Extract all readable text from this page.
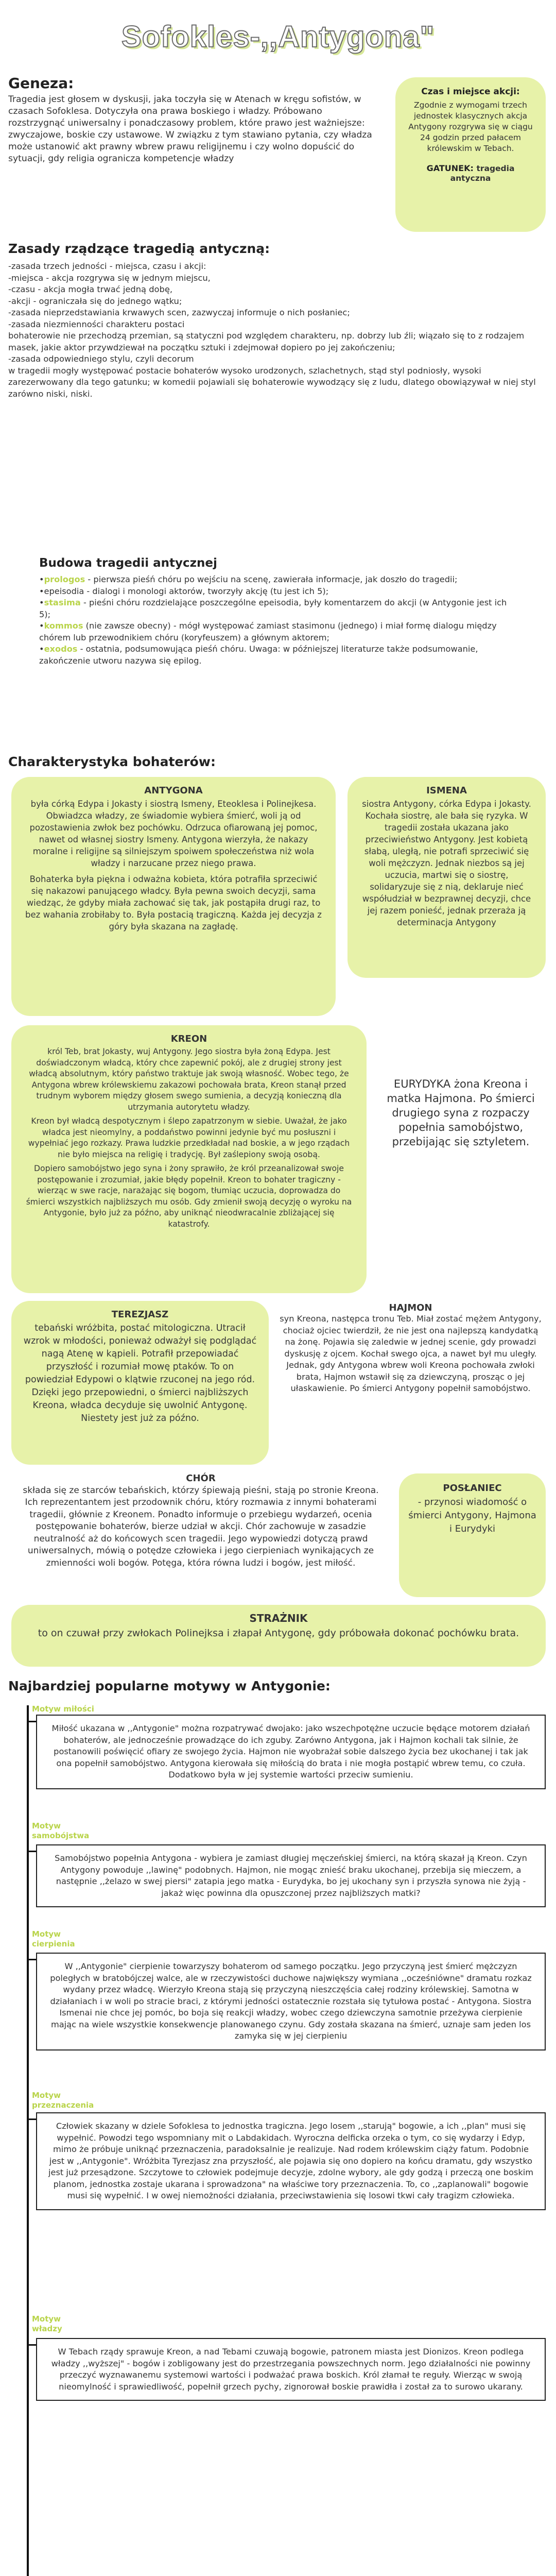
Sofokles-,,Antygona"
Geneza:
Tragedia jest głosem w dyskusji, jaka toczyła się w Atenach w kręgu sofistów, w czasach Sofoklesa. Dotyczyła ona prawa boskiego i władzy. Próbowano rozstrzygnąć uniwersalny i ponadczasowy problem, które prawo jest ważniejsze: zwyczajowe, boskie czy ustawowe. W związku z tym stawiano pytania, czy władza może ustanowić akt prawny wbrew prawu religijnemu i czy wolno dopuścić do sytuacji, gdy religia ogranicza kompetencje władzy
Czas i miejsce akcji:
Zgodnie z wymogami trzech jednostek klasycznych akcja Antygony rozgrywa się w ciągu 24 godzin przed pałacem królewskim w Tebach.
GATUNEK: tragedia antyczna
Zasady rządzące tragedią antyczną:
-zasada trzech jedności - miejsca, czasu i akcji:
-miejsca - akcja rozgrywa się w jednym miejscu,
-czasu - akcja mogła trwać jedną dobę,
-akcji - ograniczała się do jednego wątku;
-zasada nieprzedstawiania krwawych scen, zazwyczaj informuje o nich posłaniec;
-zasada niezmienności charakteru postaci
bohaterowie nie przechodzą przemian, są statyczni pod względem charakteru, np. dobrzy lub źli; wiązało się to z rodzajem masek, jakie aktor przywdziewał na początku sztuki i zdejmował dopiero po jej zakończeniu;
-zasada odpowiedniego stylu, czyli decorum
w tragedii mogły występować postacie bohaterów wysoko urodzonych, szlachetnych, stąd styl podniosły, wysoki zarezerwowany dla tego gatunku; w komedii pojawiali się bohaterowie wywodzący się z ludu, dlatego obowiązywał w niej styl zarówno niski, niski.
Budowa tragedii antycznej
•prologos - pierwsza pieśń chóru po wejściu na scenę, zawierała informacje, jak doszło do tragedii;
•epeisodia - dialogi i monologi aktorów, tworzyły akcję (tu jest ich 5);
•stasima - pieśni chóru rozdzielające poszczególne epeisodia, były komentarzem do akcji (w Antygonie jest ich 5);
•kommos (nie zawsze obecny) - mógł występować zamiast stasimonu (jednego) i miał formę dialogu między chórem lub przewodnikiem chóru (koryfeuszem) a głównym aktorem;
•exodos - ostatnia, podsumowująca pieśń chóru. Uwaga: w późniejszej literaturze także podsumowanie, zakończenie utworu nazywa się epilog.
Charakterystyka bohaterów:
ANTYGONA
była córką Edypa i Jokasty i siostrą Ismeny, Eteoklesa i Polinejkesa. Obwiadzca władzy, ze świadomie wybiera śmierć, woli ją od pozostawienia zwłok bez pochówku. Odrzuca ofiarowaną jej pomoc, nawet od własnej siostry Ismeny. Antygona wierzyła, że nakazy moralne i religijne są silniejszym spoiwem społeczeństwa niż wola władzy i narzucane przez niego prawa.
Bohaterka była piękna i odważna kobieta, która potrafiła sprzeciwić się nakazowi panującego władcy. Była pewna swoich decyzji, sama wiedząc, że gdyby miała zachować się tak, jak postąpiła drugi raz, to bez wahania zrobiłaby to. Była postacią tragiczną. Każda jej decyzja z góry była skazana na zagładę.
ISMENA
siostra Antygony, córka Edypa i Jokasty. Kochała siostrę, ale bała się ryzyka. W tragedii została ukazana jako przeciwieństwo Antygony. Jest kobietą słabą, uległą, nie potrafi sprzeciwić się woli mężczyzn. Jednak niezbos są jej uczucia, martwi się o siostrę, solidaryzuje się z nią, deklaruje nieć współudział w bezprawnej decyzji, chce jej razem ponieść, jednak przeraża ją determinacja Antygony
KREON
król Teb, brat Jokasty, wuj Antygony. Jego siostra była żoną Edypa. Jest doświadczonym władcą, który chce zapewnić pokój, ale z drugiej strony jest władcą absolutnym, który państwo traktuje jak swoją własność. Wobec tego, że Antygona wbrew królewskiemu zakazowi pochowała brata, Kreon stanął przed trudnym wyborem między głosem swego sumienia, a decyzją konieczną dla utrzymania autorytetu władzy.
Kreon był władcą despotycznym i ślepo zapatrzonym w siebie. Uważał, że jako władca jest nieomylny, a poddaństwo powinni jedynie być mu posłuszni i wypełniać jego rozkazy. Prawa ludzkie przedkładał nad boskie, a w jego rządach nie było miejsca na religię i tradycję. Był zaślepiony swoją osobą.
Dopiero samobójstwo jego syna i żony sprawiło, że król przeanalizował swoje postępowanie i zrozumiał, jakie błędy popełnił. Kreon to bohater tragiczny - wierząc w swe racje, narażając się bogom, tłumiąc uczucia, doprowadza do śmierci wszystkich najbliższych mu osób. Gdy zmienił swoją decyzję o wyroku na Antygonie, było już za późno, aby uniknąć nieodwracalnie zbliżającej się katastrofy.
EURYDYKA żona Kreona i matka Hajmona. Po śmierci drugiego syna z rozpaczy popełnia samobójstwo, przebijając się sztyletem.
TEREZJASZ
tebański wróżbita, postać mitologiczna. Utracił wzrok w młodości, ponieważ odważył się podglądać nagą Atenę w kąpieli. Potrafił przepowiadać przyszłość i rozumiał mowę ptaków. To on powiedział Edypowi o klątwie rzuconej na jego ród. Dzięki jego przepowiedni, o śmierci najbliższych Kreona, władca decyduje się uwolnić Antygonę. Niestety jest już za późno.
HAJMON
syn Kreona, następca tronu Teb. Miał zostać mężem Antygony, chociaż ojciec twierdził, że nie jest ona najlepszą kandydatką na żonę. Pojawia się zaledwie w jednej scenie, gdy prowadzi dyskusję z ojcem. Kochał swego ojca, a nawet był mu uległy. Jednak, gdy Antygona wbrew woli Kreona pochowała zwłoki brata, Hajmon wstawił się za dziewczyną, prosząc o jej ułaskawienie. Po śmierci Antygony popełnił samobójstwo.
CHÓR
składa się ze starców tebańskich, którzy śpiewają pieśni, stają po stronie Kreona. Ich reprezentantem jest przodownik chóru, który rozmawia z innymi bohaterami tragedii, głównie z Kreonem. Ponadto informuje o przebiegu wydarzeń, ocenia postępowanie bohaterów, bierze udział w akcji. Chór zachowuje w zasadzie neutralność aż do końcowych scen tragedii. Jego wypowiedzi dotyczą prawd uniwersalnych, mówią o potędze człowieka i jego cierpieniach wynikających ze zmienności woli bogów. Potęga, która równa ludzi i bogów, jest miłość.
POSŁANIEC
- przynosi wiadomość o śmierci Antygony, Hajmona i Eurydyki
STRAŻNIK
to on czuwał przy zwłokach Polinejksa i złapał Antygonę, gdy próbowała dokonać pochówku brata.
Najbardziej popularne motywy w Antygonie:
Motyw miłości
Miłość ukazana w ,,Antygonie" można rozpatrywać dwojako: jako wszechpotężne uczucie będące motorem działań bohaterów, ale jednocześnie prowadzące do ich zguby. Zarówno Antygona, jak i Hajmon kochali tak silnie, że postanowili poświęcić ofiary ze swojego życia. Hajmon nie wyobrażał sobie dalszego życia bez ukochanej i tak jak ona popełnił samobójstwo. Antygona kierowała się miłością do brata i nie mogła postąpić wbrew temu, co czuła. Dodatkowo była w jej systemie wartości przeciw sumieniu.
Motyw samobójstwa
Samobójstwo popełnia Antygona - wybiera je zamiast długiej męczeńskiej śmierci, na którą skazał ją Kreon. Czyn Antygony powoduje ,,lawinę" podobnych. Hajmon, nie mogąc znieść braku ukochanej, przebija się mieczem, a następnie ,,żelazo w swej piersi" zatapia jego matka - Eurydyka, bo jej ukochany syn i przyszła synowa nie żyją - jakaż więc powinna dla opuszczonej przez najbliższych matki?
Motyw cierpienia
W ,,Antygonie" cierpienie towarzyszy bohaterom od samego początku. Jego przyczyną jest śmierć mężczyzn poległych w bratobójczej walce, ale w rzeczywistości duchowe największy wymiana ,,ocześniówne" dramatu rozkaz wydany przez władcę. Wierzyło Kreona stają się przyczyną nieszczęścia całej rodziny królewskiej. Samotna w działaniach i w woli po stracie braci, z którymi jedności ostatecznie rozstała się tytułowa postać - Antygona. Siostra Ismenai nie chce jej pomóc, bo boja się reakcji władzy, wobec czego dziewczyna samotnie przeżywa cierpienie mając na wiele wszystkie konsekwencje planowanego czynu. Gdy została skazana na śmierć, uznaje sam jeden los zamyka się w jej cierpieniu
Motyw przeznaczenia
Człowiek skazany w dziele Sofoklesa to jednostka tragiczna. Jego losem ,,starują" bogowie, a ich ,,plan" musi się wypełnić. Powodzi tego wspomniany mit o Labdakidach. Wyroczna delficka orzeka o tym, co się wydarzy i Edyp, mimo że próbuje uniknąć przeznaczenia, paradoksalnie je realizuje. Nad rodem królewskim ciąży fatum. Podobnie jest w ,,Antygonie". Wróżbita Tyrezjasz zna przyszłość, ale pojawia się ono dopiero na końcu dramatu, gdy wszystko jest już przesądzone. Szczytowe to człowiek podejmuje decyzje, zdolne wybory, ale gdy godzą i przeczą one boskim planom, jednostka zostaje ukarana i sprowadzona" na właściwe tory przeznaczenia. To, co ,,zaplanowali" bogowie musi się wypełnić. I w owej niemożności działania, przeciwstawienia się losowi tkwi cały tragizm człowieka.
Motyw władzy
W Tebach rządy sprawuje Kreon, a nad Tebami czuwają bogowie, patronem miasta jest Dionizos. Kreon podlega władzy ,,wyższej" - bogów i zobligowany jest do przestrzegania powszechnych norm. Jego działalności nie powinny przeczyć wyznawanemu systemowi wartości i podważać prawa boskich. Król złamał te reguły. Wierząc w swoją nieomylność i sprawiedliwość, popełnił grzech pychy, zignorował boskie prawidła i został za to surowo ukarany.
